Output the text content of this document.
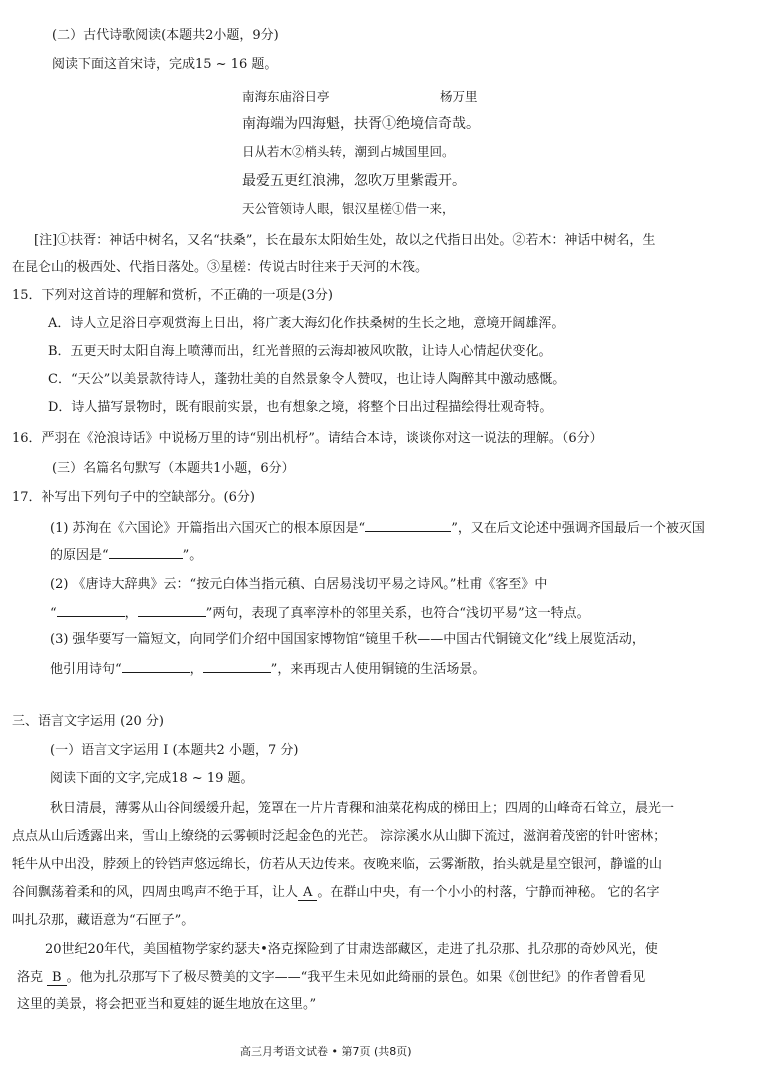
(二）古代诗歌阅读(本题共2小题，9分)
阅读下面这首宋诗，完成15 ~ 16 题。
南海东庙浴日亭	杨万里
南海端为四海魁，扶胥①绝境信奇哉。
日从若木②梢头转，潮到占城国里回。
最爱五更红浪沸，忽吹万里紫霞开。
天公管领诗人眼，银汉星槎①借一来，
[注]①扶胥：神话中树名，又名“扶桑”，长在最东太阳始生处，故以之代指日出处。②若木：神话中树名，生
在昆仑山的极西处、代指日落处。③星槎：传说古时往来于天河的木筏。
15．下列对这首诗的理解和赏析，不正确的一项是(3分)
A．诗人立足浴日亭观赏海上日出，将广袤大海幻化作扶桑树的生长之地，意境开阔雄浑。
B．五更天时太阳自海上喷薄而出，红光普照的云海却被风吹散，让诗人心情起伏变化。
C．“天公”以美景款待诗人，蓬勃壮美的自然景象令人赞叹，也让诗人陶醉其中激动感慨。
D．诗人描写景物时，既有眼前实景，也有想象之境，将整个日出过程描绘得壮观奇特。
16．严羽在《沧浪诗话》中说杨万里的诗“别出机杼”。请结合本诗，谈谈你对这一说法的理解。（6分）
(三）名篇名句默写（本题共1小题，6分）
17．补写出下列句子中的空缺部分。(6分)
(1) 苏洵在《六国论》开篇指出六国灭亡的根本原因是“	”，又在后文论述中强调齐国最后一个被灭国
的原因是“	”。
(2) 《唐诗大辞典》云：“按元白体当指元稹、白居易浅切平易之诗风。”杜甫《客至》中
“	，	”两句，表现了真率淳朴的邻里关系，也符合“浅切平易”这一特点。
(3) 强华要写一篇短文，向同学们介绍中国国家博物馆“镜里千秋——中国古代铜镜文化”线上展览活动，
他引用诗句“	，	”，来再现古人使用铜镜的生活场景。
三、语言文字运用 (20 分)
(一）语言文字运用 Ⅰ (本题共2 小题，7 分)
阅读下面的文字,完成18 ~ 19 题。
秋日清晨，薄雾从山谷间缓缓升起，笼罩在一片片青稞和油菜花构成的梯田上；四周的山峰奇石耸立，晨光一
点点从山后透露出来，雪山上缭绕的云雾顿时泛起金色的光芒。 淙淙溪水从山脚下流过，滋润着茂密的针叶密林；
牦牛从中出没，脖颈上的铃铛声悠远绵长，仿若从天边传来。夜晚来临，云雾渐散，抬头就是星空银河，静谧的山
谷间飘荡着柔和的风，四周虫鸣声不绝于耳，让人 A 。在群山中央，有一个小小的村落，宁静而神秘。 它的名字
叫扎尕那，藏语意为“石匣子”。
20世纪20年代，美国植物学家约瑟夫•洛克探险到了甘肃迭部藏区，走进了扎尕那、扎尕那的奇妙风光，使
洛克 B 。他为扎尕那写下了极尽赞美的文字——“我平生未见如此绮丽的景色。如果《创世纪》的作者曾看见
这里的美景，将会把亚当和夏娃的诞生地放在这里。”
高三月考语文试卷 • 第7页 (共8页)
